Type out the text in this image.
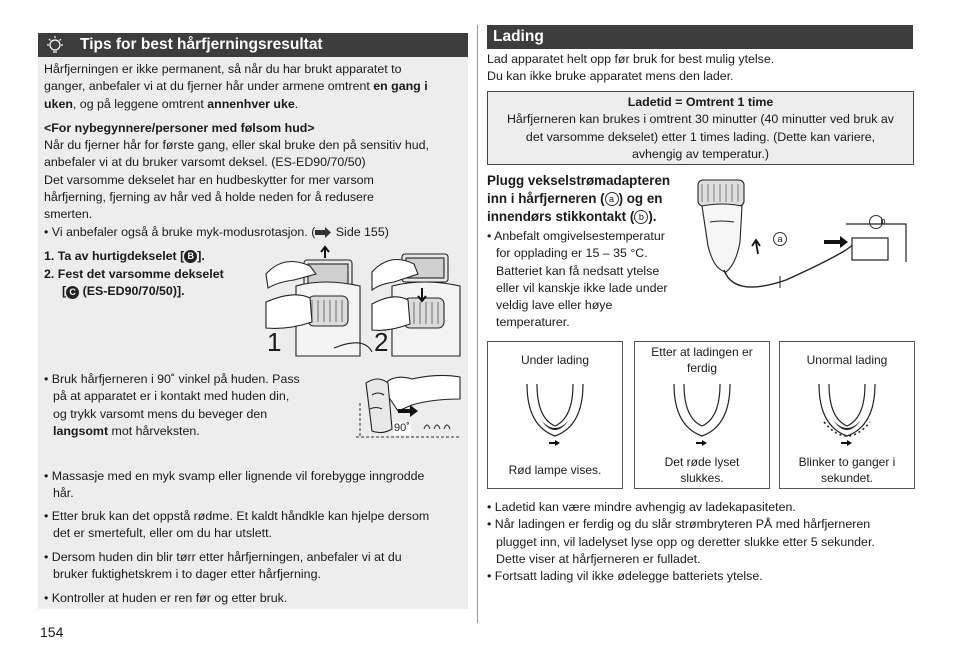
Tips for best hårfjerningsresultat
Hårfjerningen er ikke permanent, så når du har brukt apparatet to
ganger, anbefaler vi at du fjerner hår under armene omtrent en gang i
uken, og på leggene omtrent annenhver uke.
<For nybegynnere/personer med følsom hud>
Når du fjerner hår for første gang, eller skal bruke den på sensitiv hud,
anbefaler vi at du bruker varsomt deksel. (ES-ED90/70/50)
Det varsomme dekselet har en hudbeskytter for mer varsom
hårfjerning, fjerning av hår ved å holde neden for å redusere
smerten.
• Vi anbefaler også å bruke myk-modusrotasjon. ( Side 155)
1. Ta av hurtigdekselet [ B ].
2. Fest det varsomme dekselet
[ C (ES-ED90/70/50)].
1	2
• Bruk hårfjerneren i 90˚ vinkel på huden. Pass
på at apparatet er i kontakt med huden din,
og trykk varsomt mens du beveger den
langsomt mot hårveksten.	90˚
• Massasje med en myk svamp eller lignende vil forebygge inngrodde
hår.
• Etter bruk kan det oppstå rødme. Et kaldt håndkle kan hjelpe dersom
det er smertefult, eller om du har utslett.
• Dersom huden din blir tørr etter hårfjerningen, anbefaler vi at du
bruker fuktighetskrem i to dager etter hårfjerning.
• Kontroller at huden er ren før og etter bruk.
154
Lading
Lad apparatet helt opp før bruk for best mulig ytelse.
Du kan ikke bruke apparatet mens den lader.
Ladetid = Omtrent 1 time
Hårfjerneren kan brukes i omtrent 30 minutter (40 minutter ved bruk av
det varsomme dekselet) etter 1 times lading. (Dette kan variere,
avhengig av temperatur.)
Plugg vekselstrømadapteren
inn i hårfjerneren ( a ) og en
innendørs stikkontakt ( b ).
• Anbefalt omgivelsestemperatur
for opplading er 15 – 35 °C.
Batteriet kan få nedsatt ytelse
eller vil kanskje ikke lade under
veldig lave eller høye
temperaturer.
b
a
Under lading
Rød lampe vises.
Etter at ladingen er
ferdig
Det røde lyset
slukkes.
Unormal lading
Blinker to ganger i
sekundet.
• Ladetid kan være mindre avhengig av ladekapasiteten.
• Når ladingen er ferdig og du slår strømbryteren PÅ med hårfjerneren
plugget inn, vil ladelyset lyse opp og deretter slukke etter 5 sekunder.
Dette viser at hårfjerneren er fulladet.
• Fortsatt lading vil ikke ødelegge batteriets ytelse.
